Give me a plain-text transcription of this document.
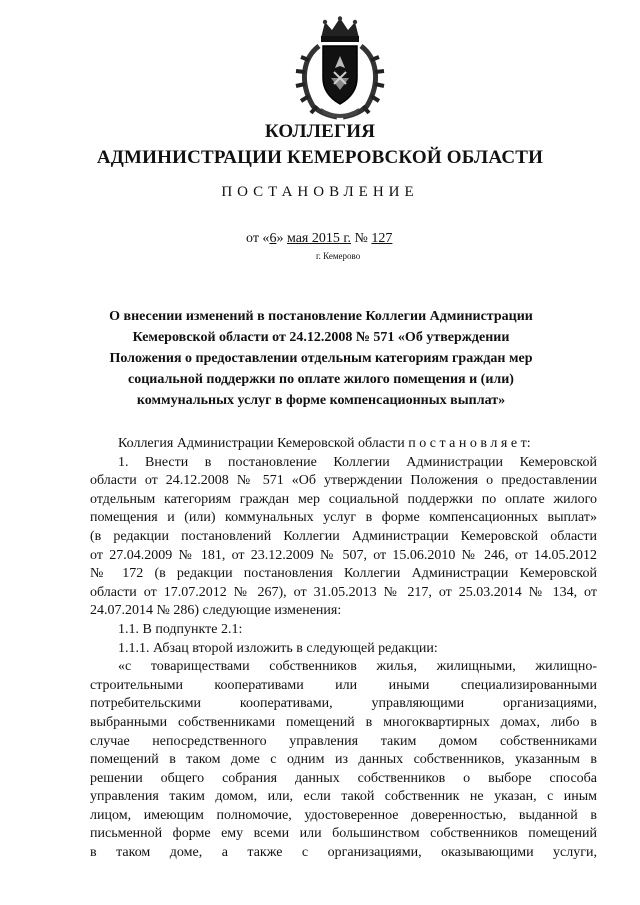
КОЛЛЕГИЯ
АДМИНИСТРАЦИИ КЕМЕРОВСКОЙ ОБЛАСТИ
ПОСТАНОВЛЕНИЕ
от «6» мая 2015 г. № 127
г. Кемерово
О внесении изменений в постановление Коллегии Администрации Кемеровской области от 24.12.2008 № 571 «Об утверждении Положения о предоставлении отдельным категориям граждан мер социальной поддержки по оплате жилого помещения и (или) коммунальных услуг в форме компенсационных выплат»
Коллегия Администрации Кемеровской области п о с т а н о в л я е т:
1. Внести в постановление Коллегии Администрации Кемеровской
области от 24.12.2008 № 571 «Об утверждении Положения о предоставлении
отдельным категориям граждан мер социальной поддержки по оплате жилого
помещения и (или) коммунальных услуг в форме компенсационных выплат»
(в редакции постановлений Коллегии Администрации Кемеровской области
от 27.04.2009 № 181, от 23.12.2009 № 507, от 15.06.2010 № 246, от 14.05.2012
№ 172 (в редакции постановления Коллегии Администрации Кемеровской
области от 17.07.2012 № 267), от 31.05.2013 № 217, от 25.03.2014 № 134, от
24.07.2014 № 286) следующие изменения:
1.1. В подпункте 2.1:
1.1.1. Абзац второй изложить в следующей редакции:
«с товариществами собственников жилья, жилищными, жилищно-
строительными кооперативами или иными специализированными
потребительскими кооперативами, управляющими организациями,
выбранными собственниками помещений в многоквартирных домах, либо в
случае непосредственного управления таким домом собственниками
помещений в таком доме с одним из данных собственников, указанным в
решении общего собрания данных собственников о выборе способа
управления таким домом, или, если такой собственник не указан, с иным
лицом, имеющим полномочие, удостоверенное доверенностью, выданной в
письменной форме ему всеми или большинством собственников помещений
в таком доме, а также с организациями, оказывающими услуги,
